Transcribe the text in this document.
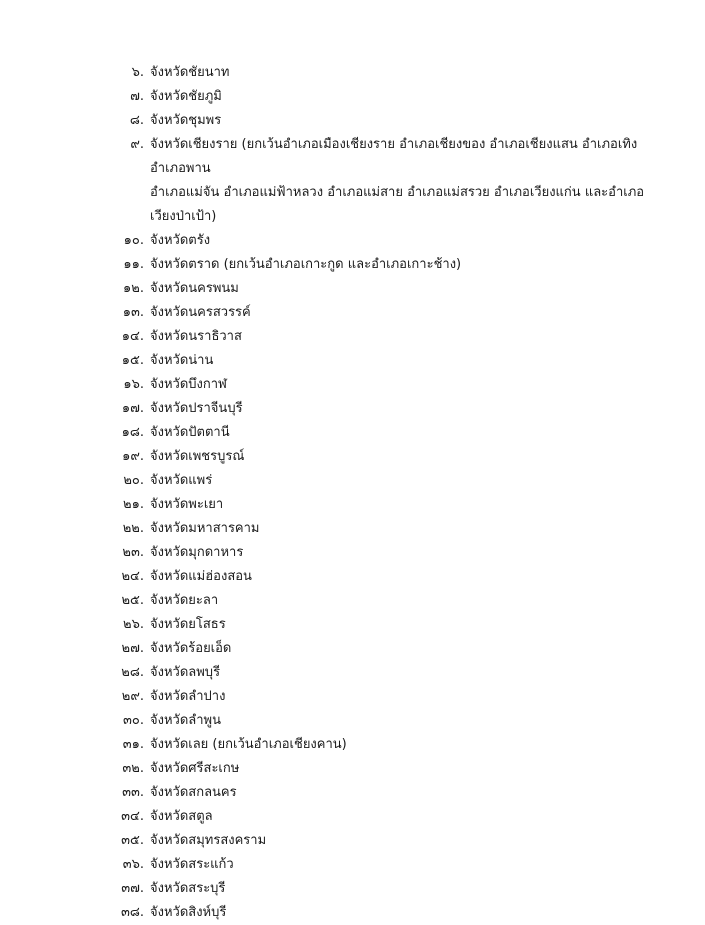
๖. จังหวัดชัยนาท
๗. จังหวัดชัยภูมิ
๘. จังหวัดชุมพร
๙. จังหวัดเชียงราย (ยกเว้นอำเภอเมืองเชียงราย อำเภอเชียงของ อำเภอเชียงแสน อำเภอเทิง อำเภอพาน
อำเภอแม่จัน อำเภอแม่ฟ้าหลวง อำเภอแม่สาย อำเภอแม่สรวย อำเภอเวียงแก่น และอำเภอเวียงป่าเป้า)
๑๐. จังหวัดตรัง
๑๑. จังหวัดตราด (ยกเว้นอำเภอเกาะกูด และอำเภอเกาะช้าง)
๑๒. จังหวัดนครพนม
๑๓. จังหวัดนครสวรรค์
๑๔. จังหวัดนราธิวาส
๑๕. จังหวัดน่าน
๑๖. จังหวัดบึงกาฬ
๑๗. จังหวัดปราจีนบุรี
๑๘. จังหวัดปัตตานี
๑๙. จังหวัดเพชรบูรณ์
๒๐. จังหวัดแพร่
๒๑. จังหวัดพะเยา
๒๒. จังหวัดมหาสารคาม
๒๓. จังหวัดมุกดาหาร
๒๔. จังหวัดแม่ฮ่องสอน
๒๕. จังหวัดยะลา
๒๖. จังหวัดยโสธร
๒๗. จังหวัดร้อยเอ็ด
๒๘. จังหวัดลพบุรี
๒๙. จังหวัดลำปาง
๓๐. จังหวัดลำพูน
๓๑. จังหวัดเลย (ยกเว้นอำเภอเชียงคาน)
๓๒. จังหวัดศรีสะเกษ
๓๓. จังหวัดสกลนคร
๓๔. จังหวัดสตูล
๓๕. จังหวัดสมุทรสงคราม
๓๖. จังหวัดสระแก้ว
๓๗. จังหวัดสระบุรี
๓๘. จังหวัดสิงห์บุรี
